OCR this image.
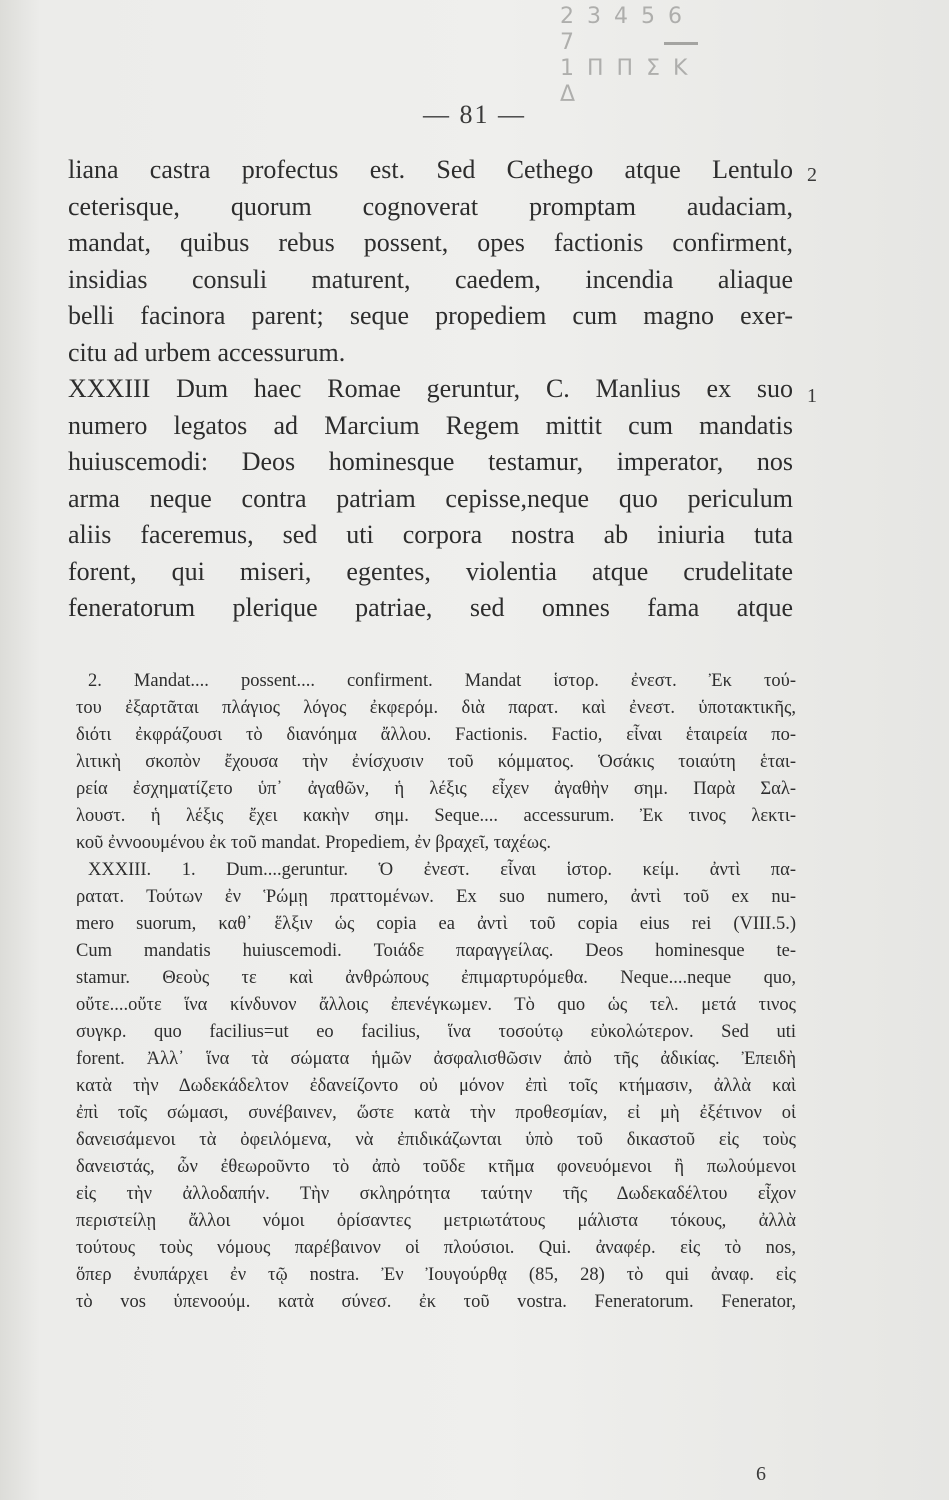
2 3 4 5 6 7
1 Π Π Σ Κ Δ
— 81 —
2
1
liana castra profectus est. Sed Cethego atque Lentulo
ceterisque, quorum cognoverat promptam audaciam,
mandat, quibus rebus possent, opes factionis confirment,
insidias consuli maturent, caedem, incendia aliaque
belli facinora parent; seque propediem cum magno exer-
citu ad urbem accessurum.
XXXIII Dum haec Romae geruntur, C. Manlius ex suo
numero legatos ad Marcium Regem mittit cum mandatis
huiuscemodi: Deos hominesque testamur, imperator, nos
arma neque contra patriam cepisse,neque quo periculum
aliis faceremus, sed uti corpora nostra ab iniuria tuta
forent, qui miseri, egentes, violentia atque crudelitate
feneratorum plerique patriae, sed omnes fama atque
2. Mandat.... possent.... confirment. Mandat ἱστορ. ἐνεστ. Ἐκ τού-
του ἐξαρτᾶται πλάγιος λόγος ἐκφερόμ. διὰ παρατ. καὶ ἐνεστ. ὑποτακτικῆς,
διότι ἐκφράζουσι τὸ διανόημα ἄλλου. Factionis. Factio, εἶναι ἑταιρεία πο-
λιτικὴ σκοπὸν ἔχουσα τὴν ἐνίσχυσιν τοῦ κόμματος. Ὁσάκις τοιαύτη ἑται-
ρεία ἐσχηματίζετο ὑπ᾽ ἀγαθῶν, ἡ λέξις εἶχεν ἀγαθὴν σημ. Παρὰ Σαλ-
λουστ. ἡ λέξις ἔχει κακὴν σημ. Seque.... accessurum. Ἐκ τινος λεκτι-
κοῦ ἐννοουμένου ἐκ τοῦ mandat. Propediem, ἐν βραχεῖ, ταχέως.
XXXIII. 1. Dum....geruntur. Ὁ ἐνεστ. εἶναι ἱστορ. κείμ. ἀντὶ πα-
ρατατ. Τούτων ἐν Ῥώμῃ πραττομένων. Ex suo numero, ἀντὶ τοῦ ex nu-
mero suorum, καθ᾽ ἕλξιν ὡς copia ea ἀντὶ τοῦ copia eius rei (VIII.5.)
Cum mandatis huiuscemodi. Τοιάδε παραγγείλας. Deos hominesque te-
stamur. Θεοὺς τε καὶ ἀνθρώπους ἐπιμαρτυρόμεθα. Neque....neque quo,
οὔτε....οὔτε ἵνα κίνδυνον ἄλλοις ἐπενέγκωμεν. Τὸ quo ὡς τελ. μετά τινος
συγκρ. quo facilius=ut eo facilius, ἵνα τοσούτῳ εὐκολώτερον. Sed uti
forent. Ἀλλ᾽ ἵνα τὰ σώματα ἡμῶν ἀσφαλισθῶσιν ἀπὸ τῆς ἀδικίας. Ἐπειδὴ
κατὰ τὴν Δωδεκάδελτον ἐδανείζοντο οὐ μόνον ἐπὶ τοῖς κτήμασιν, ἀλλὰ καὶ
ἐπὶ τοῖς σώμασι, συνέβαινεν, ὥστε κατὰ τὴν προθεσμίαν, εἰ μὴ ἐξέτινον οἱ
δανεισάμενοι τὰ ὀφειλόμενα, νὰ ἐπιδικάζωνται ὑπὸ τοῦ δικαστοῦ εἰς τοὺς
δανειστάς, ὧν ἐθεωροῦντο τὸ ἀπὸ τοῦδε κτῆμα φονευόμενοι ἢ πωλούμενοι
εἰς τὴν ἀλλοδαπήν. Τὴν σκληρότητα ταύτην τῆς Δωδεκαδέλτου εἶχον
περιστείλῃ ἄλλοι νόμοι ὁρίσαντες μετριωτάτους μάλιστα τόκους, ἀλλὰ
τούτους τοὺς νόμους παρέβαινον οἱ πλούσιοι. Qui. ἀναφέρ. εἰς τὸ nos,
ὅπερ ἐνυπάρχει ἐν τῷ nostra. Ἐν Ἰουγούρθᾳ (85, 28) τὸ qui ἀναφ. εἰς
τὸ vos ὑπενοούμ. κατὰ σύνεσ. ἐκ τοῦ vostra. Feneratorum. Fenerator,
6
